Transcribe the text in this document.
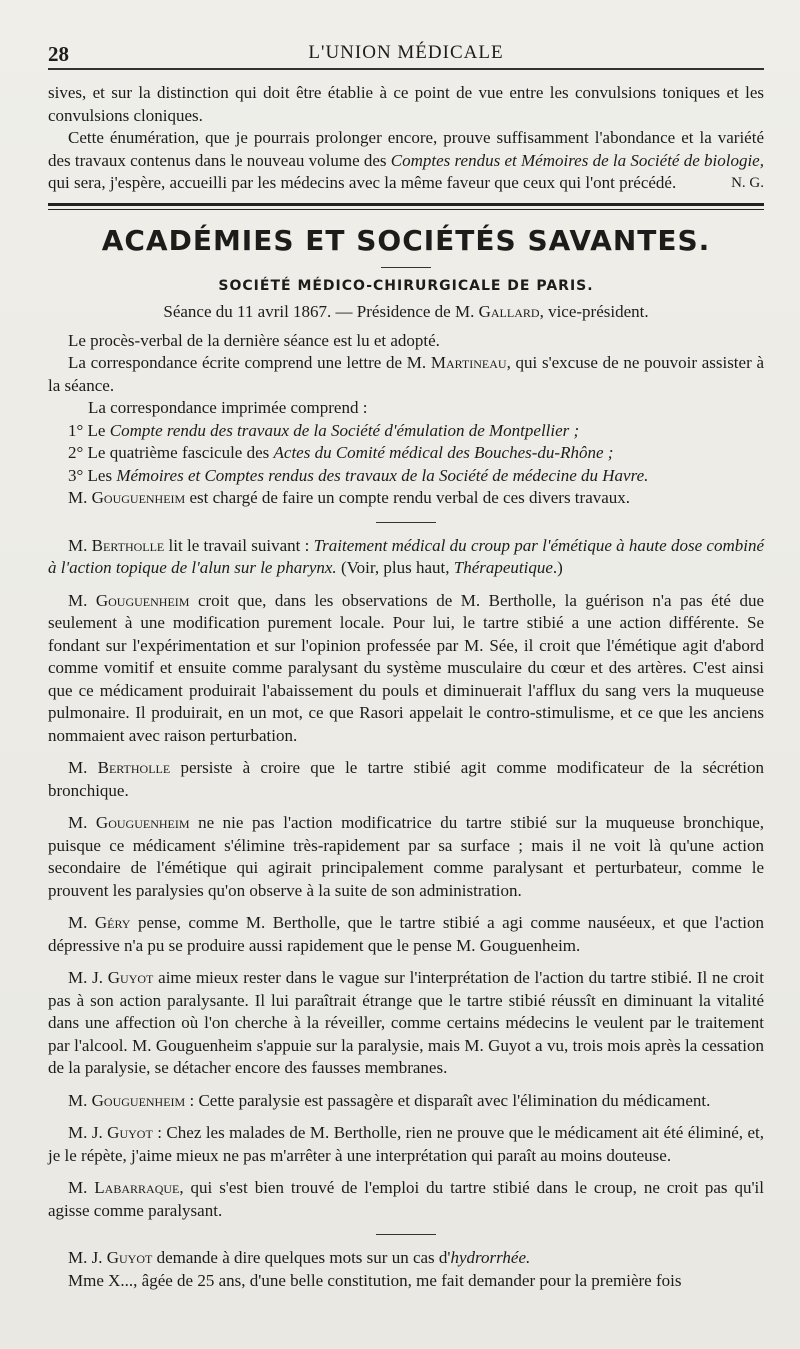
28	L'UNION MÉDICALE

sives, et sur la distinction qui doit être établie à ce point de vue entre les convulsions toniques et les convulsions cloniques.

Cette énumération, que je pourrais prolonger encore, prouve suffisamment l'abondance et la variété des travaux contenus dans le nouveau volume des Comptes rendus et Mémoires de la Société de biologie, qui sera, j'espère, accueilli par les médecins avec la même faveur que ceux qui l'ont précédé.	N. G.

ACADÉMIES ET SOCIÉTÉS SAVANTES.
SOCIÉTÉ MÉDICO-CHIRURGICALE DE PARIS.
Séance du 11 avril 1867. — Présidence de M. Gallard, vice-président.

Le procès-verbal de la dernière séance est lu et adopté.

La correspondance écrite comprend une lettre de M. Martineau, qui s'excuse de ne pouvoir assister à la séance.

La correspondance imprimée comprend :

1° Le Compte rendu des travaux de la Société d'émulation de Montpellier ;

2° Le quatrième fascicule des Actes du Comité médical des Bouches-du-Rhône ;

3° Les Mémoires et Comptes rendus des travaux de la Société de médecine du Havre.

M. Gouguenheim est chargé de faire un compte rendu verbal de ces divers travaux.

M. Bertholle lit le travail suivant : Traitement médical du croup par l'émétique à haute dose combiné à l'action topique de l'alun sur le pharynx. (Voir, plus haut, Thérapeutique.)

M. Gouguenheim croit que, dans les observations de M. Bertholle, la guérison n'a pas été due seulement à une modification purement locale. Pour lui, le tartre stibié a une action différente. Se fondant sur l'expérimentation et sur l'opinion professée par M. Sée, il croit que l'émétique agit d'abord comme vomitif et ensuite comme paralysant du système musculaire du cœur et des artères. C'est ainsi que ce médicament produirait l'abaissement du pouls et diminuerait l'afflux du sang vers la muqueuse pulmonaire. Il produirait, en un mot, ce que Rasori appelait le contro-stimulisme, et ce que les anciens nommaient avec raison perturbation.

M. Bertholle persiste à croire que le tartre stibié agit comme modificateur de la sécrétion bronchique.

M. Gouguenheim ne nie pas l'action modificatrice du tartre stibié sur la muqueuse bronchique, puisque ce médicament s'élimine très-rapidement par sa surface ; mais il ne voit là qu'une action secondaire de l'émétique qui agirait principalement comme paralysant et perturbateur, comme le prouvent les paralysies qu'on observe à la suite de son administration.

M. Géry pense, comme M. Bertholle, que le tartre stibié a agi comme nauséeux, et que l'action dépressive n'a pu se produire aussi rapidement que le pense M. Gouguenheim.

M. J. Guyot aime mieux rester dans le vague sur l'interprétation de l'action du tartre stibié. Il ne croit pas à son action paralysante. Il lui paraîtrait étrange que le tartre stibié réussît en diminuant la vitalité dans une affection où l'on cherche à la réveiller, comme certains médecins le veulent par le traitement par l'alcool. M. Gouguenheim s'appuie sur la paralysie, mais M. Guyot a vu, trois mois après la cessation de la paralysie, se détacher encore des fausses membranes.

M. Gouguenheim : Cette paralysie est passagère et disparaît avec l'élimination du médicament.

M. J. Guyot : Chez les malades de M. Bertholle, rien ne prouve que le médicament ait été éliminé, et, je le répète, j'aime mieux ne pas m'arrêter à une interprétation qui paraît au moins douteuse.

M. Labarraque, qui s'est bien trouvé de l'emploi du tartre stibié dans le croup, ne croit pas qu'il agisse comme paralysant.

M. J. Guyot demande à dire quelques mots sur un cas d'hydrorrhée.

Mme X..., âgée de 25 ans, d'une belle constitution, me fait demander pour la première fois
